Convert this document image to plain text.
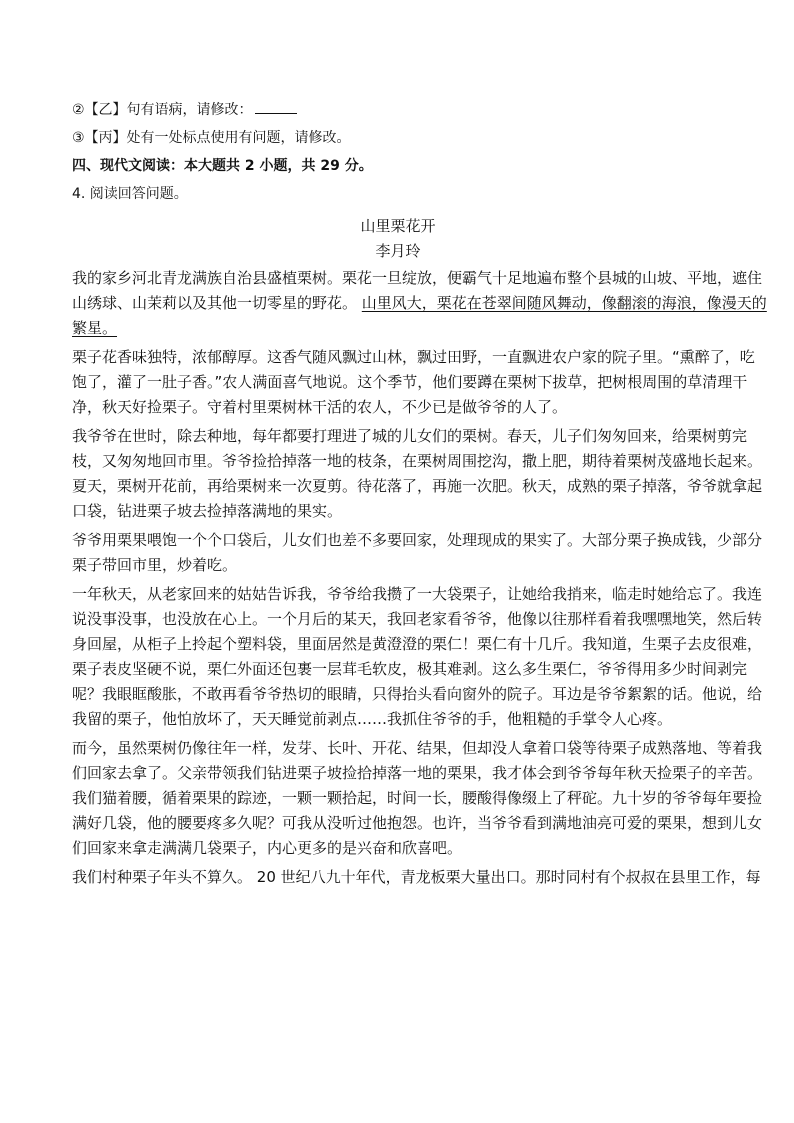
②【乙】句有语病，请修改：
③【丙】处有一处标点使用有问题，请修改。
四、现代文阅读：本大题共 2 小题，共 29 分。
4. 阅读回答问题。
山里栗花开
李月玲
我的家乡河北青龙满族自治县盛植栗树。栗花一旦绽放，便霸气十足地遍布整个县城的山坡、平地，遮住
山绣球、山茉莉以及其他一切零星的野花。 山里风大，栗花在苍翠间随风舞动，像翻滚的海浪，像漫天的
繁星。
栗子花香味独特，浓郁醇厚。这香气随风飘过山林，飘过田野，一直飘进农户家的院子里。“熏醉了，吃
饱了，灌了一肚子香。”农人满面喜气地说。这个季节，他们要蹲在栗树下拔草，把树根周围的草清理干
净，秋天好捡栗子。守着村里栗树林干活的农人，不少已是做爷爷的人了。
我爷爷在世时，除去种地，每年都要打理进了城的儿女们的栗树。春天，儿子们匆匆回来，给栗树剪完
枝，又匆匆地回市里。爷爷捡拾掉落一地的枝条，在栗树周围挖沟，撒上肥，期待着栗树茂盛地长起来。
夏天，栗树开花前，再给栗树来一次夏剪。待花落了，再施一次肥。秋天，成熟的栗子掉落，爷爷就拿起
口袋，钻进栗子坡去捡掉落满地的果实。
爷爷用栗果喂饱一个个口袋后，儿女们也差不多要回家，处理现成的果实了。大部分栗子换成钱，少部分
栗子带回市里，炒着吃。
一年秋天，从老家回来的姑姑告诉我，爷爷给我攒了一大袋栗子，让她给我捎来，临走时她给忘了。我连
说没事没事，也没放在心上。一个月后的某天，我回老家看爷爷，他像以往那样看着我嘿嘿地笑，然后转
身回屋，从柜子上拎起个塑料袋，里面居然是黄澄澄的栗仁！栗仁有十几斤。我知道，生栗子去皮很难，
栗子表皮坚硬不说，栗仁外面还包裹一层茸毛软皮，极其难剥。这么多生栗仁，爷爷得用多少时间剥完
呢？我眼眶酸胀，不敢再看爷爷热切的眼睛，只得抬头看向窗外的院子。耳边是爷爷絮絮的话。他说，给
我留的栗子，他怕放坏了，天天睡觉前剥点……我抓住爷爷的手，他粗糙的手掌令人心疼。
而今，虽然栗树仍像往年一样，发芽、长叶、开花、结果，但却没人拿着口袋等待栗子成熟落地、等着我
们回家去拿了。父亲带领我们钻进栗子坡捡拾掉落一地的栗果，我才体会到爷爷每年秋天捡栗子的辛苦。
我们猫着腰，循着栗果的踪迹，一颗一颗拾起，时间一长，腰酸得像缀上了秤砣。九十岁的爷爷每年要捡
满好几袋，他的腰要疼多久呢？可我从没听过他抱怨。也许，当爷爷看到满地油亮可爱的栗果，想到儿女
们回家来拿走满满几袋栗子，内心更多的是兴奋和欣喜吧。
我们村种栗子年头不算久。 20 世纪八九十年代，青龙板栗大量出口。那时同村有个叔叔在县里工作，每
